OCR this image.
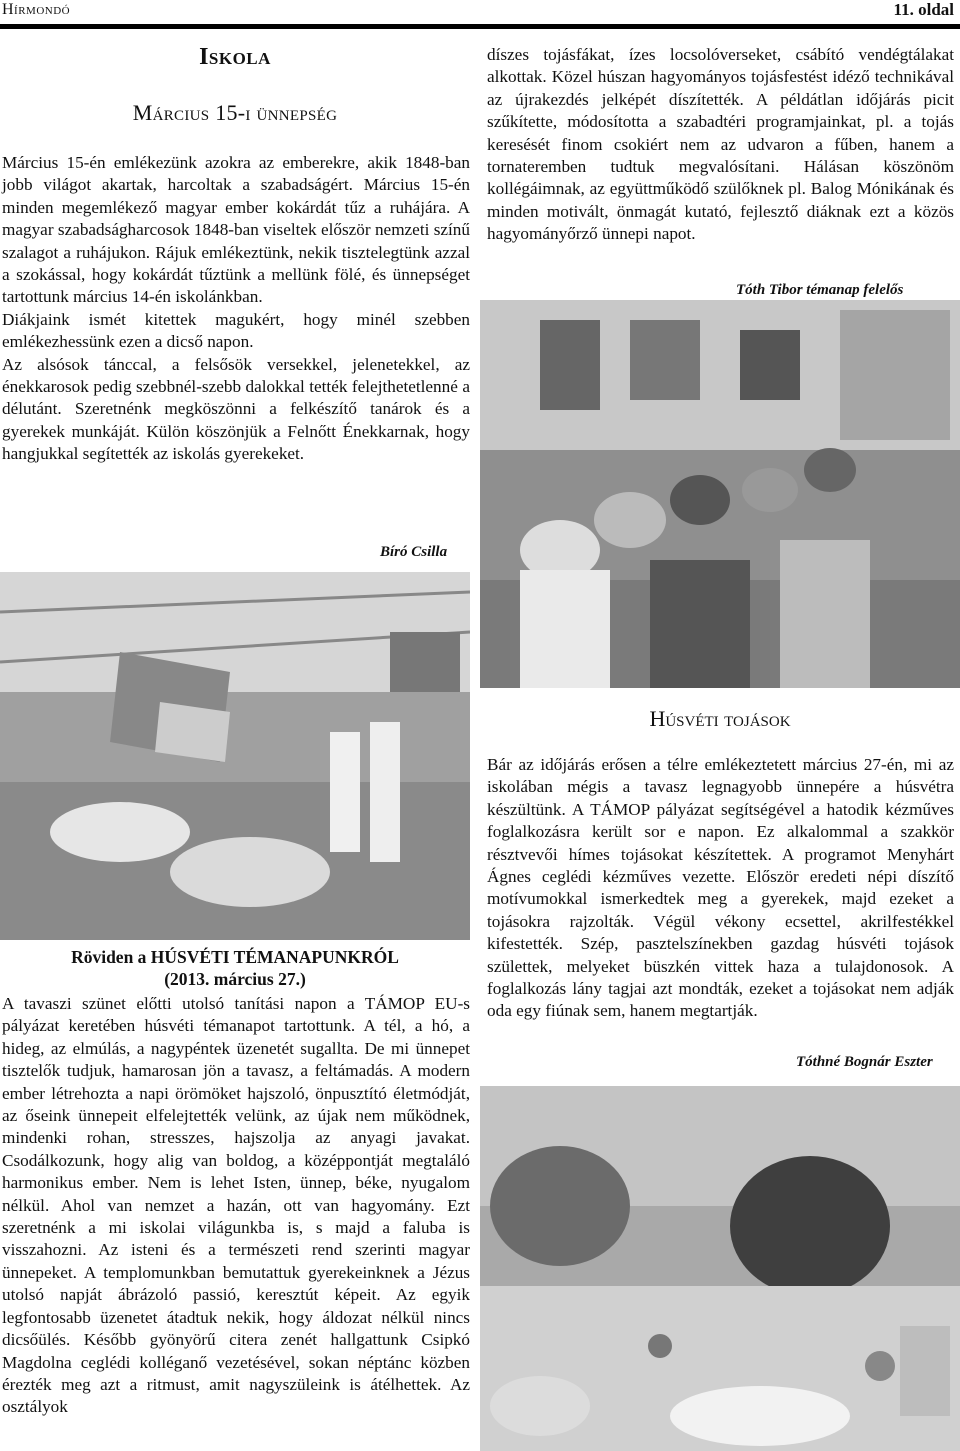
Hírmondó	11. oldal
Iskola
Március 15-i ünnepség

Március 15-én emlékezünk azokra az emberekre, akik 1848-ban jobb világot akartak, harcoltak a szabadságért. Március 15-én minden megemlékező magyar ember kokárdát tűz a ruhájára. A magyar szabadságharcosok 1848-ban viseltek először nemzeti színű szalagot a ruhájukon. Rájuk emlékeztünk, nekik tisztelegtünk azzal a szokással, hogy kokárdát tűztünk a mellünk fölé, és ünnepséget tartottunk március 14-én iskolánkban.

Diákjaink ismét kitettek magukért, hogy minél szebben emlékezhessünk ezen a dicső napon.

Az alsósok tánccal, a felsősök versekkel, jelenetekkel, az énekkarosok pedig szebbnél-szebb dalokkal tették felejthetetlenné a délutánt. Szeretnénk megköszönni a felkészítő tanárok és a gyerekek munkáját. Külön köszönjük a Felnőtt Énekkarnak, hogy hangjukkal segítették az iskolás gyerekeket.

Bíró Csilla

díszes tojásfákat, ízes locsolóverseket, csábító vendégtálakat alkottak. Közel húszan hagyományos tojásfestést idéző technikával az újrakezdés jelképét díszítették. A példátlan időjárás picit szűkítette, módosította a szabadtéri programjainkat, pl. a tojás keresését finom csokiért nem az udvaron a fűben, hanem a tornateremben tudtuk megvalósítani. Hálásan köszönöm kollégáimnak, az együttműködő szülőknek pl. Balog Mónikának és minden motivált, önmagát kutató, fejlesztő diáknak ezt a közös hagyományőrző ünnepi napot.

Tóth Tibor témanap felelős
Húsvéti tojások

Bár az időjárás erősen a télre emlékeztetett március 27-én, mi az iskolában mégis a tavasz legnagyobb ünnepére a húsvétra készültünk. A TÁMOP pályázat segítségével a hatodik kézműves foglalkozásra került sor e napon. Ez alkalommal a szakkör résztvevői hímes tojásokat készítettek. A programot Menyhárt Ágnes ceglédi kézműves vezette. Először eredeti népi díszítő motívumokkal ismerkedtek meg a gyerekek, majd ezeket a tojásokra rajzolták. Végül vékony ecsettel, akrilfestékkel kifestették. Szép, pasztelszínekben gazdag húsvéti tojások születtek, melyeket büszkén vittek haza a tulajdonosok. A foglalkozás lány tagjai azt mondták, ezeket a tojásokat nem adják oda egy fiúnak sem, hanem megtartják.

Tóthné Bognár Eszter
Röviden a HÚSVÉTI TÉMANAPUNKRÓL
(2013. március 27.)

A tavaszi szünet előtti utolsó tanítási napon a TÁMOP EU-s pályázat keretében húsvéti témanapot tartottunk. A tél, a hó, a hideg, az elmúlás, a nagypéntek üzenetét sugallta. De mi ünnepet tisztelők tudjuk, hamarosan jön a tavasz, a feltámadás. A modern ember létrehozta a napi örömöket hajszoló, önpusztító életmódját, az őseink ünnepeit elfelejtették velünk, az újak nem működnek, mindenki rohan, stresszes, hajszolja az anyagi javakat. Csodálkozunk, hogy alig van boldog, a középpontját megtaláló harmonikus ember. Nem is lehet Isten, ünnep, béke, nyugalom nélkül. Ahol van nemzet a hazán, ott van hagyomány. Ezt szeretnénk a mi iskolai világunkba is, s majd a faluba is visszahozni. Az isteni és a természeti rend szerinti magyar ünnepeket. A templomunkban bemutattuk gyerekeinknek a Jézus utolsó napját ábrázoló passió, keresztút képeit. Az egyik legfontosabb üzenetet átadtuk nekik, hogy áldozat nélkül nincs dicsőülés. Később gyönyörű citera zenét hallgattunk Csipkó Magdolna ceglédi kolléganő vezetésével, sokan néptánc közben érezték meg azt a ritmust, amit nagyszüleink is átélhettek. Az osztályok
